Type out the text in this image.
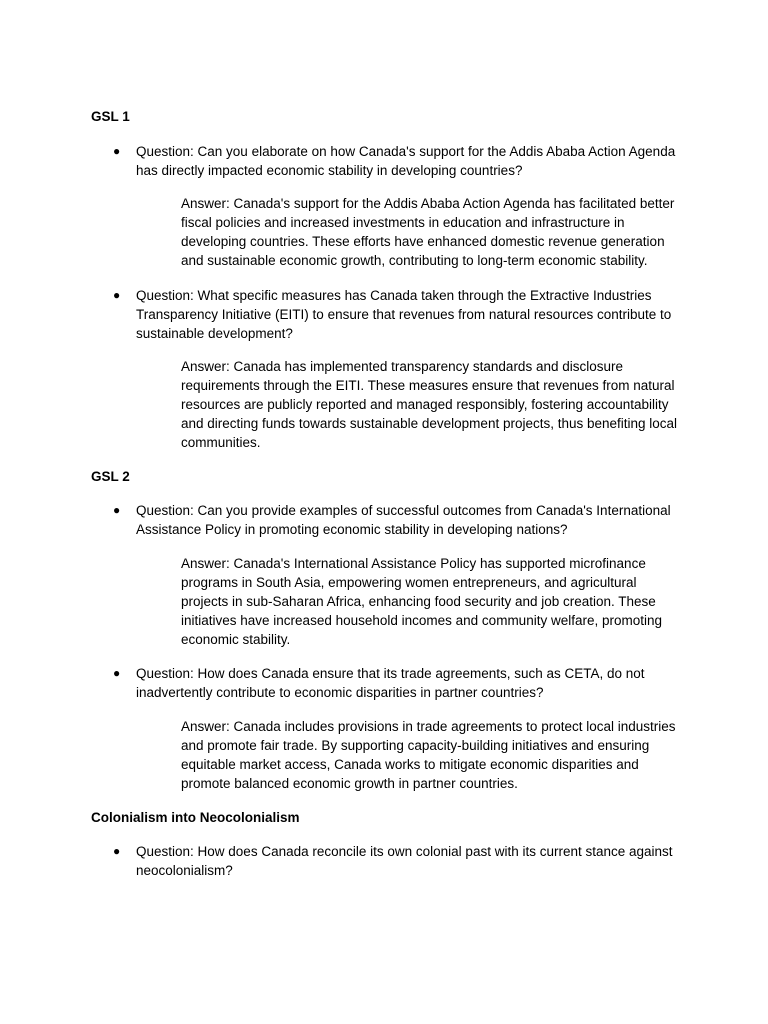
GSL 1
● Question: Can you elaborate on how Canada's support for the Addis Ababa Action Agenda has directly impacted economic stability in developing countries?

Answer: Canada's support for the Addis Ababa Action Agenda has facilitated better fiscal policies and increased investments in education and infrastructure in developing countries. These efforts have enhanced domestic revenue generation and sustainable economic growth, contributing to long-term economic stability.

● Question: What specific measures has Canada taken through the Extractive Industries Transparency Initiative (EITI) to ensure that revenues from natural resources contribute to sustainable development?

Answer: Canada has implemented transparency standards and disclosure requirements through the EITI. These measures ensure that revenues from natural resources are publicly reported and managed responsibly, fostering accountability and directing funds towards sustainable development projects, thus benefiting local communities.

GSL 2
● Question: Can you provide examples of successful outcomes from Canada's International Assistance Policy in promoting economic stability in developing nations?

Answer: Canada's International Assistance Policy has supported microfinance programs in South Asia, empowering women entrepreneurs, and agricultural projects in sub-Saharan Africa, enhancing food security and job creation. These initiatives have increased household incomes and community welfare, promoting economic stability.

● Question: How does Canada ensure that its trade agreements, such as CETA, do not inadvertently contribute to economic disparities in partner countries?

Answer: Canada includes provisions in trade agreements to protect local industries and promote fair trade. By supporting capacity-building initiatives and ensuring equitable market access, Canada works to mitigate economic disparities and promote balanced economic growth in partner countries.

Colonialism into Neocolonialism
● Question: How does Canada reconcile its own colonial past with its current stance against neocolonialism?
